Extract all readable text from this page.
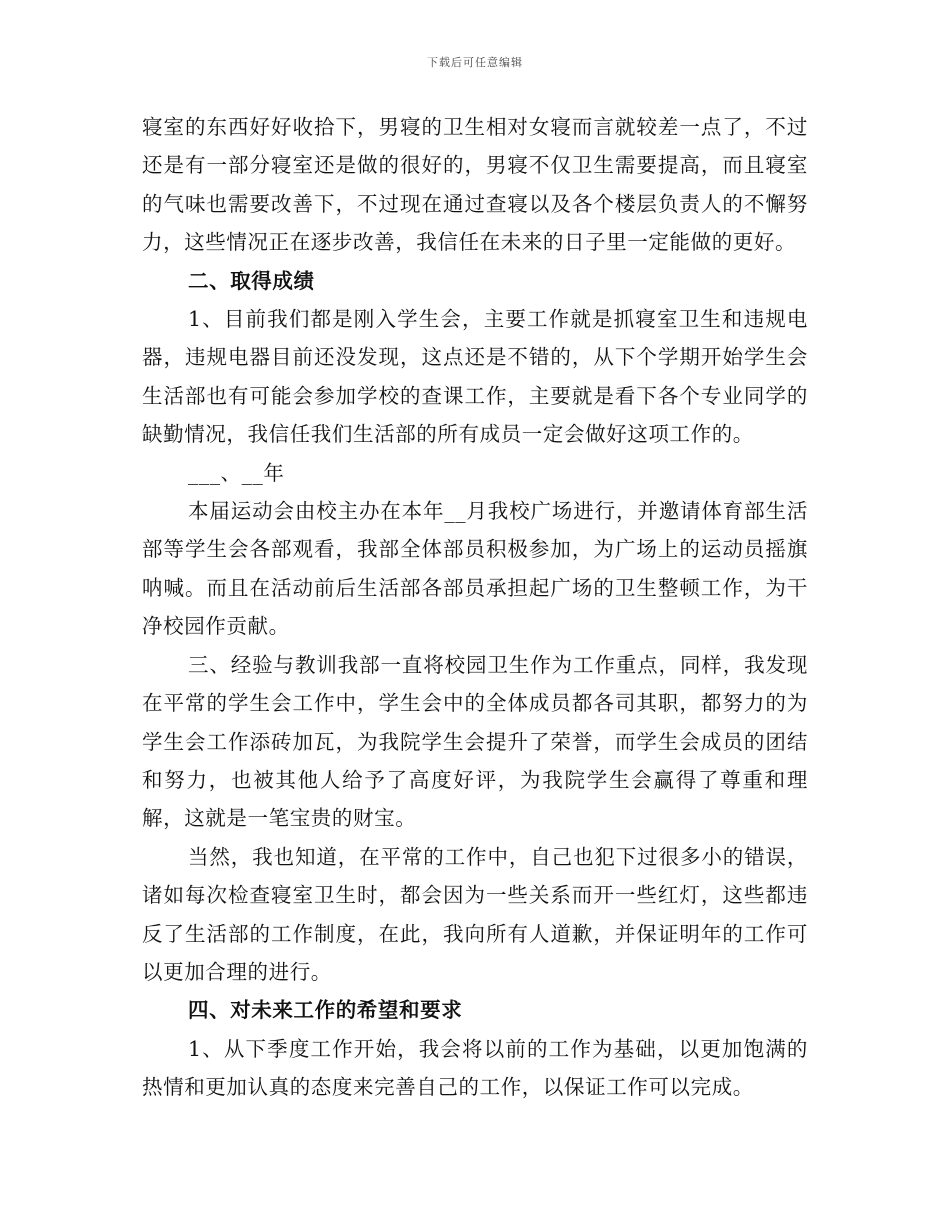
下载后可任意编辑

寝室的东西好好收拾下，男寝的卫生相对女寝而言就较差一点了，不过还是有一部分寝室还是做的很好的，男寝不仅卫生需要提高，而且寝室的气味也需要改善下，不过现在通过查寝以及各个楼层负责人的不懈努力，这些情况正在逐步改善，我信任在未来的日子里一定能做的更好。

二、取得成绩

1、目前我们都是刚入学生会，主要工作就是抓寝室卫生和违规电器，违规电器目前还没发现，这点还是不错的，从下个学期开始学生会生活部也有可能会参加学校的查课工作，主要就是看下各个专业同学的缺勤情况，我信任我们生活部的所有成员一定会做好这项工作的。

___、__年

本届运动会由校主办在本年__月我校广场进行，并邀请体育部生活部等学生会各部观看，我部全体部员积极参加，为广场上的运动员摇旗呐喊。而且在活动前后生活部各部员承担起广场的卫生整顿工作，为干净校园作贡献。

三、经验与教训我部一直将校园卫生作为工作重点，同样，我发现在平常的学生会工作中，学生会中的全体成员都各司其职，都努力的为学生会工作添砖加瓦，为我院学生会提升了荣誉，而学生会成员的团结和努力，也被其他人给予了高度好评，为我院学生会赢得了尊重和理解，这就是一笔宝贵的财宝。

当然，我也知道，在平常的工作中，自己也犯下过很多小的错误，诸如每次检查寝室卫生时，都会因为一些关系而开一些红灯，这些都违反了生活部的工作制度，在此，我向所有人道歉，并保证明年的工作可以更加合理的进行。

四、对未来工作的希望和要求

1、从下季度工作开始，我会将以前的工作为基础，以更加饱满的热情和更加认真的态度来完善自己的工作，以保证工作可以完成。
